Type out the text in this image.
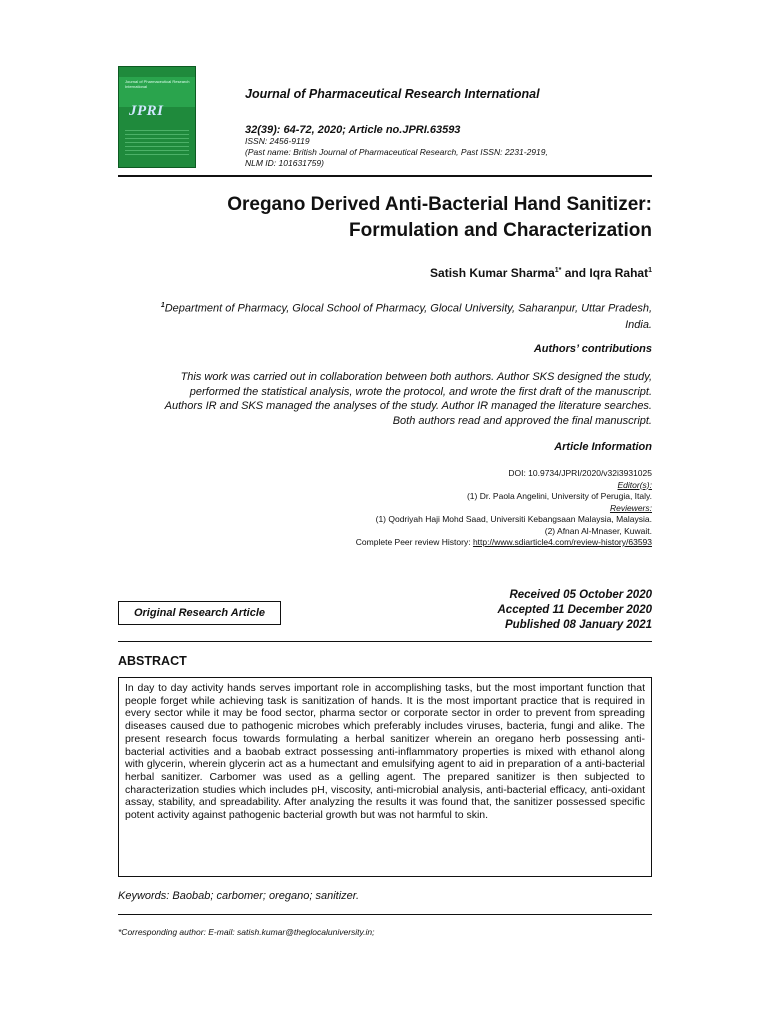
Journal of Pharmaceutical Research International
JPRI
Journal of Pharmaceutical Research International
32(39): 64-72, 2020; Article no.JPRI.63593
ISSN: 2456-9119
(Past name: British Journal of Pharmaceutical Research, Past ISSN: 2231-2919,
NLM ID: 101631759)
Oregano Derived Anti-Bacterial Hand Sanitizer:
Formulation and Characterization
Satish Kumar Sharma$^{1*}$ and Iqra Rahat$^1$
$^1$Department of Pharmacy, Glocal School of Pharmacy, Glocal University, Saharanpur, Uttar Pradesh,
India.
Authors’ contributions
This work was carried out in collaboration between both authors. Author SKS designed the study,
performed the statistical analysis, wrote the protocol, and wrote the first draft of the manuscript.
Authors IR and SKS managed the analyses of the study. Author IR managed the literature searches.
Both authors read and approved the final manuscript.
Article Information
DOI: 10.9734/JPRI/2020/v32i3931025
Editor(s):
(1) Dr. Paola Angelini, University of Perugia, Italy.
Reviewers:
(1) Qodriyah Haji Mohd Saad, Universiti Kebangsaan Malaysia, Malaysia.
(2) Afnan Al-Mnaser, Kuwait.
Complete Peer review History: http://www.sdiarticle4.com/review-history/63593
Original Research Article
Received 05 October 2020
Accepted 11 December 2020
Published 08 January 2021
ABSTRACT
In day to day activity hands serves important role in accomplishing tasks, but the most important function that people forget while achieving task is sanitization of hands. It is the most important practice that is required in every sector while it may be food sector, pharma sector or corporate sector in order to prevent from spreading diseases caused due to pathogenic microbes which preferably includes viruses, bacteria, fungi and alike. The present research focus towards formulating a herbal sanitizer wherein an oregano herb possessing anti-bacterial activities and a baobab extract possessing anti-inflammatory properties is mixed with ethanol along with glycerin, wherein glycerin act as a humectant and emulsifying agent to aid in preparation of a anti-bacterial herbal sanitizer. Carbomer was used as a gelling agent. The prepared sanitizer is then subjected to characterization studies which includes pH, viscosity, anti-microbial analysis, anti-bacterial efficacy, anti-oxidant assay, stability, and spreadability. After analyzing the results it was found that, the sanitizer possessed specific potent activity against pathogenic bacterial growth but was not harmful to skin.
Keywords: Baobab; carbomer; oregano; sanitizer.
*Corresponding author: E-mail: satish.kumar@theglocaluniversity.in;
